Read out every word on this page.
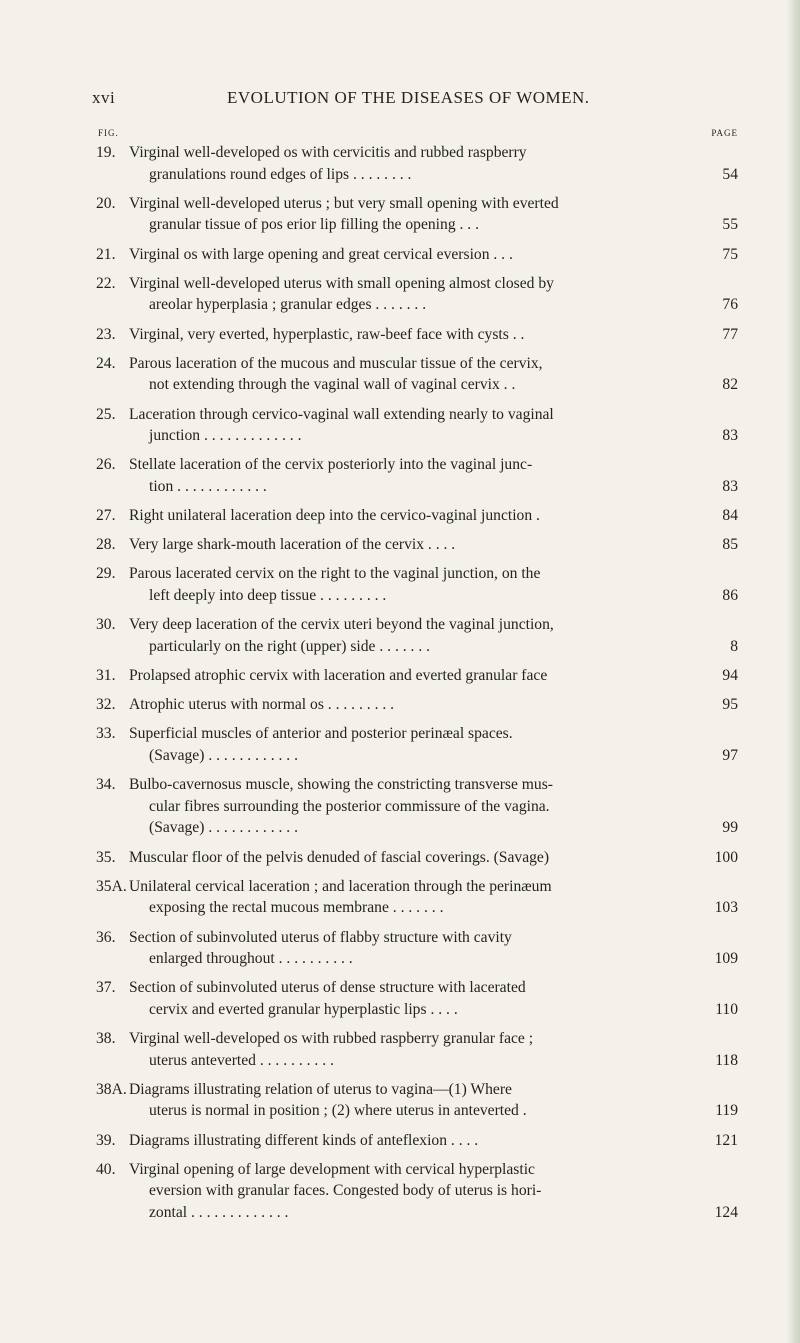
xvi	EVOLUTION OF THE DISEASES OF WOMEN.
FIG.	PAGE
19. Virginal well-developed os with cervicitis and rubbed raspberry
granulations round edges of lips . . . . . . . .	54
20. Virginal well-developed uterus ; but very small opening with everted
granular tissue of pos erior lip filling the opening . . .	55
21. Virginal os with large opening and great cervical eversion . . .	75
22. Virginal well-developed uterus with small opening almost closed by
areolar hyperplasia ; granular edges . . . . . . .	76
23. Virginal, very everted, hyperplastic, raw-beef face with cysts . .	77
24. Parous laceration of the mucous and muscular tissue of the cervix,
not extending through the vaginal wall of vaginal cervix . .	82
25. Laceration through cervico-vaginal wall extending nearly to vaginal
junction . . . . . . . . . . . . .	83
26. Stellate laceration of the cervix posteriorly into the vaginal junc-
tion . . . . . . . . . . . .	83
27. Right unilateral laceration deep into the cervico-vaginal junction .	84
28. Very large shark-mouth laceration of the cervix . . . .	85
29. Parous lacerated cervix on the right to the vaginal junction, on the
left deeply into deep tissue . . . . . . . . .	86
30. Very deep laceration of the cervix uteri beyond the vaginal junction,
particularly on the right (upper) side . . . . . . .	8
31. Prolapsed atrophic cervix with laceration and everted granular face	94
32. Atrophic uterus with normal os . . . . . . . . .	95
33. Superficial muscles of anterior and posterior perinæal spaces.
(Savage) . . . . . . . . . . . .	97
34. Bulbo-cavernosus muscle, showing the constricting transverse mus-
cular fibres surrounding the posterior commissure of the vagina.
(Savage) . . . . . . . . . . . .	99
35. Muscular floor of the pelvis denuded of fascial coverings. (Savage)	100
35A. Unilateral cervical laceration ; and laceration through the perinæum
exposing the rectal mucous membrane . . . . . . .	103
36. Section of subinvoluted uterus of flabby structure with cavity
enlarged throughout . . . . . . . . . .	109
37. Section of subinvoluted uterus of dense structure with lacerated
cervix and everted granular hyperplastic lips . . . .	110
38. Virginal well-developed os with rubbed raspberry granular face ;
uterus anteverted . . . . . . . . . .	118
38A. Diagrams illustrating relation of uterus to vagina—(1) Where
uterus is normal in position ; (2) where uterus in anteverted .	119
39. Diagrams illustrating different kinds of anteflexion . . . .	121
40. Virginal opening of large development with cervical hyperplastic
eversion with granular faces. Congested body of uterus is hori-
zontal . . . . . . . . . . . . .	124
